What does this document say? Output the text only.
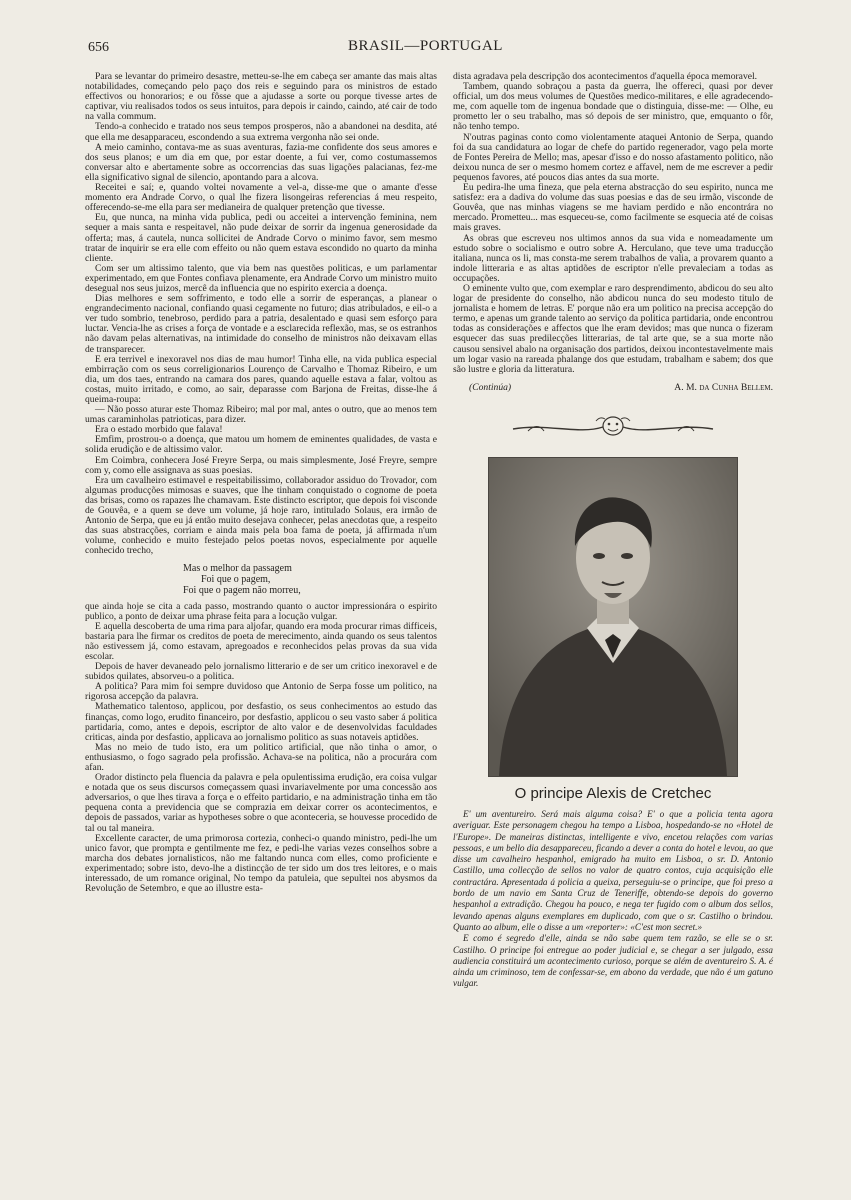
656	BRASIL—PORTUGAL

Para se levantar do primeiro desastre, metteu-se-lhe em cabeça ser amante das mais altas notabilidades, começando pelo paço dos reis e seguindo para os ministros de estado effectivos ou honorarios; e ou fôsse que a ajudasse a sorte ou porque tivesse artes de captivar, viu realisados todos os seus intuitos, para depois ir caindo, caindo, até cair de todo na valla commum.

Tendo-a conhecido e tratado nos seus tempos prosperos, não a abandonei na desdita, até que ella me desapparaceu, escondendo a sua extrema vergonha não sei onde.

A meio caminho, contava-me as suas aventuras, fazia-me confidente dos seus amores e dos seus planos; e um dia em que, por estar doente, a fui ver, como costumassemos conversar alto e abertamente sobre as occorrencias das suas ligações palacianas, fez-me ella significativo signal de silencio, apontando para a alcova.

Receitei e saí; e, quando voltei novamente a vel-a, disse-me que o amante d'esse momento era Andrade Corvo, o qual lhe fizera lisongeiras referencias á meu respeito, offerecendo-se-me ella para ser medianeira de qualquer pretenção que tivesse.

Eu, que nunca, na minha vida publica, pedi ou acceitei a intervenção feminina, nem sequer a mais santa e respeitavel, não pude deixar de sorrir da ingenua generosidade da offerta; mas, á cautela, nunca sollicitei de Andrade Corvo o minimo favor, sem mesmo tratar de inquirir se era elle com effeito ou não quem estava escondido no quarto da minha cliente.

Com ser um altissimo talento, que via bem nas questões politicas, e um parlamentar experimentado, em que Fontes confiava plenamente, era Andrade Corvo um ministro muito desegual nos seus juizos, mercê da influencia que no espirito exercia a doença.

Dias melhores e sem soffrimento, e todo elle a sorrir de esperanças, a planear o engrandecimento nacional, confiando quasi cegamente no futuro; dias atribulados, e eil-o a ver tudo sombrio, tenebroso, perdido para a patria, desalentado e quasi sem esforço para luctar. Vencia-lhe as crises a força de vontade e a esclarecida reflexão, mas, se os estranhos não davam pelas alternativas, na intimidade do conselho de ministros não deixavam ellas de transparecer.

E era terrivel e inexoravel nos dias de mau humor! Tinha elle, na vida publica especial embirração com os seus correligionarios Lourenço de Carvalho e Thomaz Ribeiro, e um dia, um dos taes, entrando na camara dos pares, quando aquelle estava a falar, voltou as costas, muito irritado, e como, ao sair, deparasse com Barjona de Freitas, disse-lhe á queima-roupa:

— Não posso aturar este Thomaz Ribeiro; mal por mal, antes o outro, que ao menos tem umas caraminholas patrioticas, para dizer.

Era o estado morbido que falava!

Emfim, prostrou-o a doença, que matou um homem de eminentes qualidades, de vasta e solida erudição e de altissimo valor.

Em Coimbra, conhecera José Freyre Serpa, ou mais simplesmente, José Freyre, sempre com y, como elle assignava as suas poesias.

Era um cavalheiro estimavel e respeitabilissimo, collaborador assiduo do Trovador, com algumas producções mimosas e suaves, que lhe tinham conquistado o cognome de poeta das brisas, como os rapazes lhe chamavam. Este distincto escriptor, que depois foi visconde de Gouvêa, e a quem se deve um volume, já hoje raro, intitulado Solaus, era irmão de Antonio de Serpa, que eu já então muito desejava conhecer, pelas anecdotas que, a respeito das suas abstracções, corriam e ainda mais pela boa fama de poeta, já affirmada n'um volume, conhecido e muito festejado pelos poetas novos, especialmente por aquelle conhecido trecho,

Mas o melhor da passagem
Foi que o pagem,
Foi que o pagem não morreu,

que ainda hoje se cita a cada passo, mostrando quanto o auctor impressionára o espirito publico, a ponto de deixar uma phrase feita para a locução vulgar.

E aquella descoberta de uma rima para aljofar, quando era moda procurar rimas difficeis, bastaria para lhe firmar os creditos de poeta de merecimento, ainda quando os seus talentos não estivessem já, como estavam, apregoados e reconhecidos pelas provas da sua vida escolar.

Depois de haver devaneado pelo jornalismo litterario e de ser um critico inexoravel e de subidos quilates, absorveu-o a politica.

A politica? Para mim foi sempre duvidoso que Antonio de Serpa fosse um politico, na rigorosa accepção da palavra.

Mathematico talentoso, applicou, por desfastio, os seus conhecimentos ao estudo das finanças, como logo, erudito financeiro, por desfastio, applicou o seu vasto saber á politica partidaria, como, antes e depois, escriptor de alto valor e de desenvolvidas faculdades criticas, ainda por desfastio, applicava ao jornalismo politico as suas notaveis aptidões.

Mas no meio de tudo isto, era um politico artificial, que não tinha o amor, o enthusiasmo, o fogo sagrado pela profissão. Achava-se na politica, não a procurára com afan.

Orador distincto pela fluencia da palavra e pela opulentissima erudição, era coisa vulgar e notada que os seus discursos começassem quasi invariavelmente por uma concessão aos adversarios, o que lhes tirava a força e o effeito partidario, e na administração tinha em tão pequena conta a previdencia que se comprazia em deixar correr os acontecimentos, e depois de passados, variar as hypotheses sobre o que aconteceria, se houvesse procedido de tal ou tal maneira.

Excellente caracter, de uma primorosa cortezia, conheci-o quando ministro, pedi-lhe um unico favor, que prompta e gentilmente me fez, e pedi-lhe varias vezes conselhos sobre a marcha dos debates jornalisticos, não me faltando nunca com elles, como proficiente e experimentado; sobre isto, devo-lhe a distincção de ter sido um dos tres leitores, e o mais interessado, de um romance original, No tempo da patuleia, que sepultei nos abysmos da Revolução de Setembro, e que ao illustre esta-

dista agradava pela descripção dos acontecimentos d'aquella época memoravel.

Tambem, quando sobraçou a pasta da guerra, lhe offereci, quasi por dever official, um dos meus volumes de Questões medico-militares, e elle agradecendo-me, com aquelle tom de ingenua bondade que o distinguia, disse-me: — Olhe, eu prometto ler o seu trabalho, mas só depois de ser ministro, que, emquanto o fôr, não tenho tempo.

N'outras paginas conto como violentamente ataquei Antonio de Serpa, quando foi da sua candidatura ao logar de chefe do partido regenerador, vago pela morte de Fontes Pereira de Mello; mas, apesar d'isso e do nosso afastamento politico, não deixou nunca de ser o mesmo homem cortez e affavel, nem de me escrever a pedir pequenos favores, até poucos dias antes da sua morte.

Eu pedira-lhe uma fineza, que pela eterna abstracção do seu espirito, nunca me satisfez: era a dadiva do volume das suas poesias e das de seu irmão, visconde de Gouvêa, que nas minhas viagens se me haviam perdido e não encontrára no mercado. Prometteu... mas esqueceu-se, como facilmente se esquecia até de coisas mais graves.

As obras que escreveu nos ultimos annos da sua vida e nomeadamente um estudo sobre o socialismo e outro sobre A. Herculano, que teve uma traducção italiana, nunca os li, mas consta-me serem trabalhos de valia, a provarem quanto a indole litteraria e as altas aptidões de escriptor n'elle prevaleciam a todas as occupações.

O eminente vulto que, com exemplar e raro desprendimento, abdicou do seu alto logar de presidente do conselho, não abdicou nunca do seu modesto titulo de jornalista e homem de letras. E' porque não era um politico na precisa accepção do termo, e apenas um grande talento ao serviço da politica partidaria, onde encontrou todas as considerações e affectos que lhe eram devidos; mas que nunca o fizeram esquecer das suas predilecções litterarias, de tal arte que, se a sua morte não causou sensivel abalo na organisação dos partidos, deixou incontestavelmente mais um logar vasio na rareada phalange dos que estudam, trabalham e sabem; dos que são lustre e gloria da litteratura.

(Continúa)	A. M. da Cunha Bellem.
O principe Alexis de Cretchec

E' um aventureiro. Será mais alguma coisa? E' o que a policia tenta agora averiguar. Este personagem chegou ha tempo a Lisboa, hospedando-se no «Hotel de l'Europe». De maneiras distinctas, intelligente e vivo, encetou relações com varias pessoas, e um bello dia desappareceu, ficando a dever a conta do hotel e levou, ao que disse um cavalheiro hespanhol, emigrado ha muito em Lisboa, o sr. D. Antonio Castillo, uma collecção de sellos no valor de quatro contos, cuja acquisição elle contractára. Apresentada á policia a queixa, perseguiu-se o principe, que foi preso a bordo de um navio em Santa Cruz de Teneriffe, obtendo-se depois do governo hespanhol a extradição. Chegou ha pouco, e nega ter fugido com o album dos sellos, levando apenas alguns exemplares em duplicado, com que o sr. Castilho o brindou. Quanto ao album, elle o disse a um «reporter»: «C'est mon secret.»

E como é segredo d'elle, ainda se não sabe quem tem razão, se elle se o sr. Castilho. O principe foi entregue ao poder judicial e, se chegar a ser julgado, essa audiencia constituirá um acontecimento curioso, porque se além de aventureiro S. A. é ainda um criminoso, tem de confessar-se, em abono da verdade, que não é um gatuno vulgar.
